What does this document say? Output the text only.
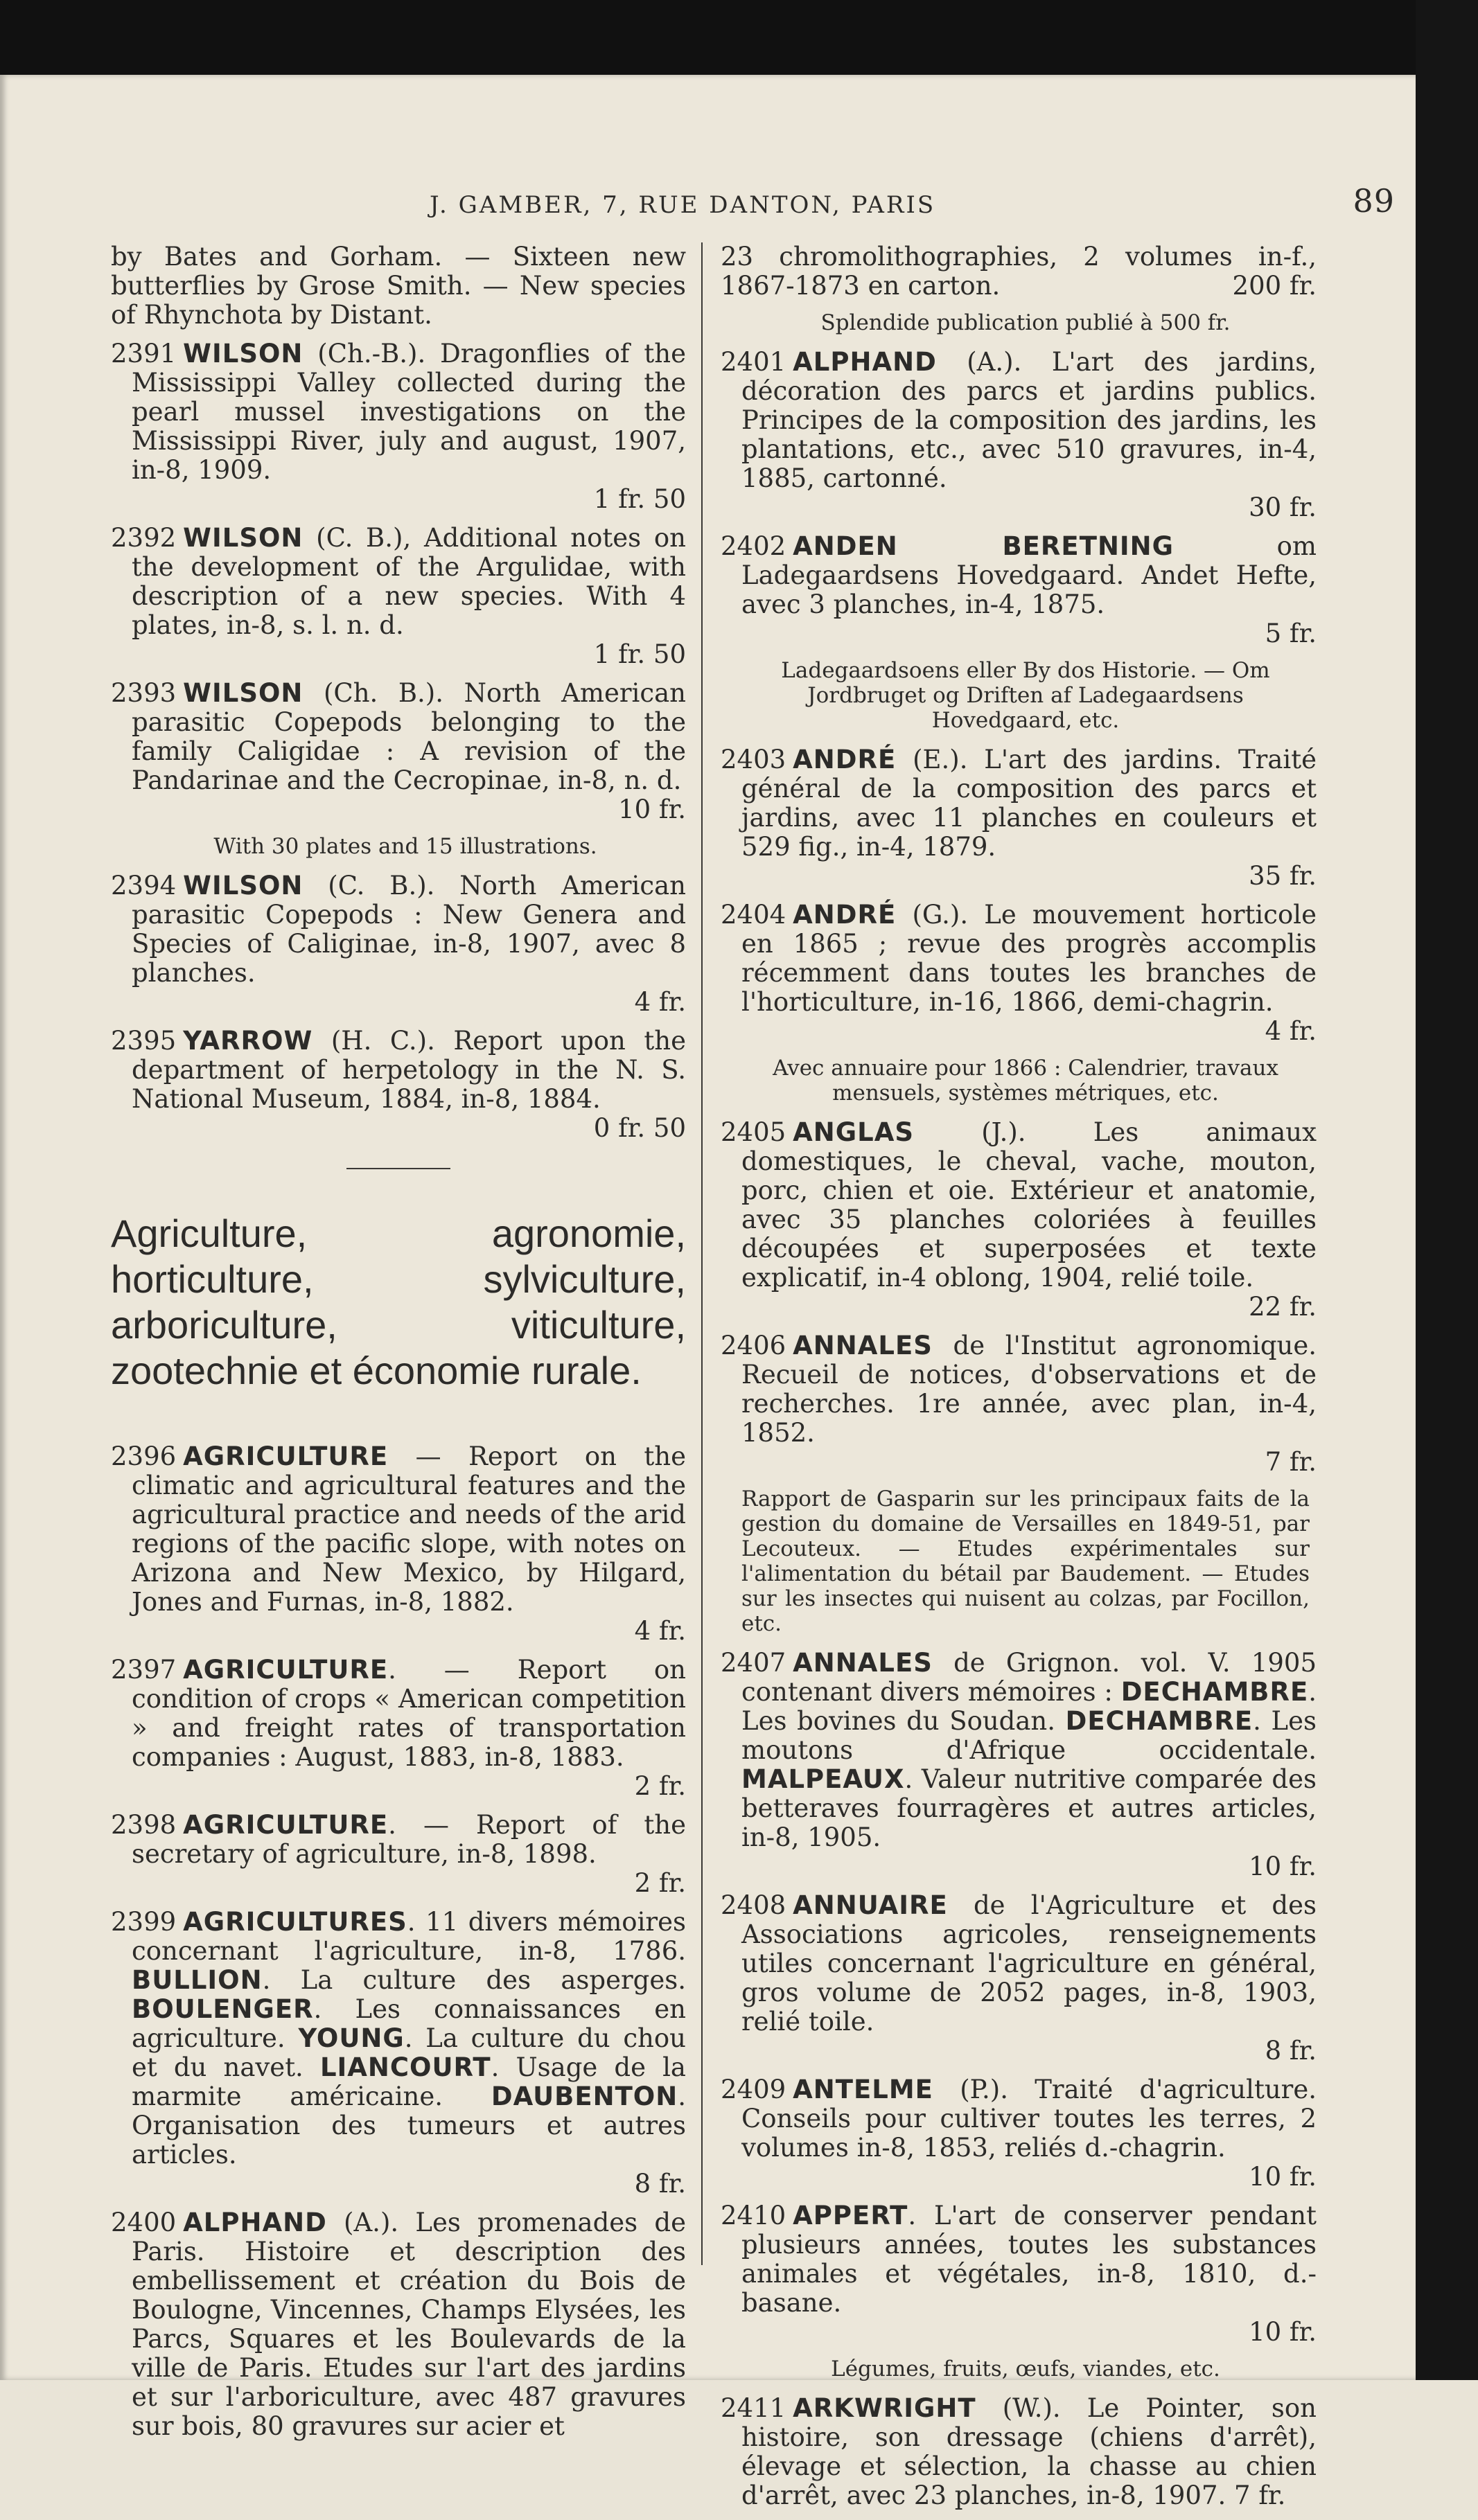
J. GAMBER, 7, RUE DANTON, PARIS	89
by Bates and Gorham. — Sixteen new butterflies by Grose Smith. — New species of Rhynchota by Distant.
2391 WILSON (Ch.-B.). Dragonflies of the Mississippi Valley collected during the pearl mussel investigations on the Mississippi River, july and august, 1907, in-8, 1909.
1 fr. 50
2392 WILSON (C. B.), Additional notes on the development of the Argulidae, with description of a new species. With 4 plates, in-8, s. l. n. d.
1 fr. 50
2393 WILSON (Ch. B.). North American parasitic Copepods belonging to the family Caligidae : A revision of the Pandarinae and the Cecropinae, in-8, n. d.
10 fr.
With 30 plates and 15 illustrations.
2394 WILSON (C. B.). North American parasitic Copepods : New Genera and Species of Caliginae, in-8, 1907, avec 8 planches.
4 fr.
2395 YARROW (H. C.). Report upon the department of herpetology in the N. S. National Museum, 1884, in-8, 1884.
0 fr. 50
Agriculture, agronomie, horticulture, sylviculture, arboriculture, viticulture, zootechnie et économie rurale.
2396 AGRICULTURE — Report on the climatic and agricultural features and the agricultural practice and needs of the arid regions of the pacific slope, with notes on Arizona and New Mexico, by Hilgard, Jones and Furnas, in-8, 1882.
4 fr.
2397 AGRICULTURE. — Report on condition of crops « American competition » and freight rates of transportation companies : August, 1883, in-8, 1883.
2 fr.
2398 AGRICULTURE. — Report of the secretary of agriculture, in-8, 1898.
2 fr.
2399 AGRICULTURES. 11 divers mémoires concernant l'agriculture, in-8, 1786. BULLION. La culture des asperges. BOULENGER. Les connaissances en agriculture. YOUNG. La culture du chou et du navet. LIANCOURT. Usage de la marmite américaine. DAUBENTON. Organisation des tumeurs et autres articles.
8 fr.
2400 ALPHAND (A.). Les promenades de Paris. Histoire et description des embellissement et création du Bois de Boulogne, Vincennes, Champs Elysées, les Parcs, Squares et les Boulevards de la ville de Paris. Etudes sur l'art des jardins et sur l'arboriculture, avec 487 gravures sur bois, 80 gravures sur acier et
23 chromolithographies, 2 volumes in-f., 1867-1873 en carton.	200 fr.
Splendide publication publié à 500 fr.
2401 ALPHAND (A.). L'art des jardins, décoration des parcs et jardins publics. Principes de la composition des jardins, les plantations, etc., avec 510 gravures, in-4, 1885, cartonné.
30 fr.
2402 ANDEN BERETNING om Ladegaardsens Hovedgaard. Andet Hefte, avec 3 planches, in-4, 1875.
5 fr.
Ladegaardsoens eller By dos Historie. — Om Jordbruget og Driften af Ladegaardsens Hovedgaard, etc.
2403 ANDRÉ (E.). L'art des jardins. Traité général de la composition des parcs et jardins, avec 11 planches en couleurs et 529 fig., in-4, 1879.
35 fr.
2404 ANDRÉ (G.). Le mouvement horticole en 1865 ; revue des progrès accomplis récemment dans toutes les branches de l'horticulture, in-16, 1866, demi-chagrin.
4 fr.
Avec annuaire pour 1866 : Calendrier, travaux mensuels, systèmes métriques, etc.
2405 ANGLAS (J.). Les animaux domestiques, le cheval, vache, mouton, porc, chien et oie. Extérieur et anatomie, avec 35 planches coloriées à feuilles découpées et superposées et texte explicatif, in-4 oblong, 1904, relié toile.
22 fr.
2406 ANNALES de l'Institut agronomique. Recueil de notices, d'observations et de recherches. 1re année, avec plan, in-4, 1852.
7 fr.
Rapport de Gasparin sur les principaux faits de la gestion du domaine de Versailles en 1849-51, par Lecouteux. — Etudes expérimentales sur l'alimentation du bétail par Baudement. — Etudes sur les insectes qui nuisent au colzas, par Focillon, etc.
2407 ANNALES de Grignon. vol. V. 1905 contenant divers mémoires : DECHAMBRE. Les bovines du Soudan. DECHAMBRE. Les moutons d'Afrique occidentale. MALPEAUX. Valeur nutritive comparée des betteraves fourragères et autres articles, in-8, 1905.
10 fr.
2408 ANNUAIRE de l'Agriculture et des Associations agricoles, renseignements utiles concernant l'agriculture en général, gros volume de 2052 pages, in-8, 1903, relié toile.
8 fr.
2409 ANTELME (P.). Traité d'agriculture. Conseils pour cultiver toutes les terres, 2 volumes in-8, 1853, reliés d.-chagrin.
10 fr.
2410 APPERT. L'art de conserver pendant plusieurs années, toutes les substances animales et végétales, in-8, 1810, d.-basane.
10 fr.
Légumes, fruits, œufs, viandes, etc.
2411 ARKWRIGHT (W.). Le Pointer, son histoire, son dressage (chiens d'arrêt), élevage et sélection, la chasse au chien d'arrêt, avec 23 planches, in-8, 1907. 7 fr.
